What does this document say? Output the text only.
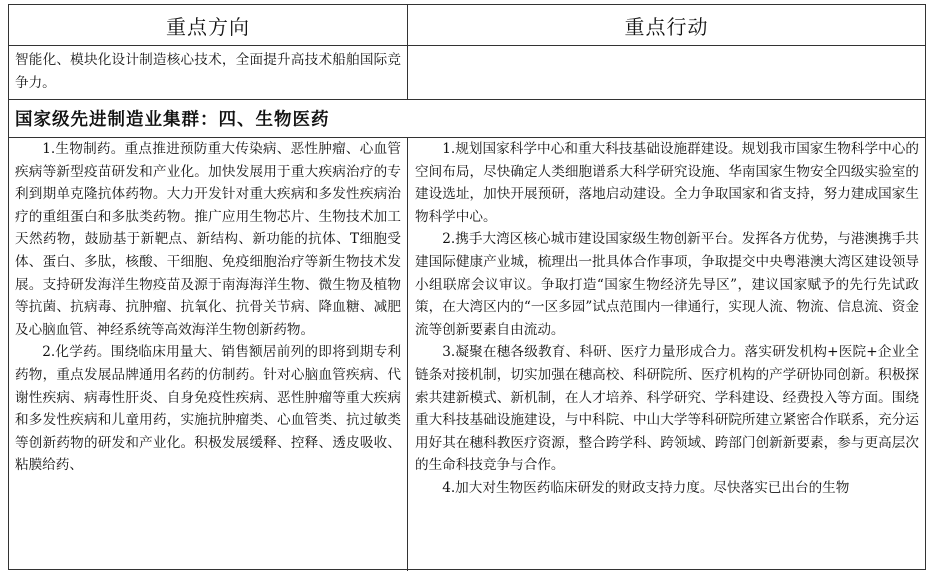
重点方向	重点行动

智能化、模块化设计制造核心技术，全面提升高技术船舶国际竞争力。

国家级先进制造业集群：四、生物医药

1.生物制药。重点推进预防重大传染病、恶性肿瘤、心血管疾病等新型疫苗研发和产业化。加快发展用于重大疾病治疗的专利到期单克隆抗体药物。大力开发针对重大疾病和多发性疾病治疗的重组蛋白和多肽类药物。推广应用生物芯片、生物技术加工天然药物，鼓励基于新靶点、新结构、新功能的抗体、T细胞受体、蛋白、多肽，核酸、干细胞、免疫细胞治疗等新生物技术发展。支持研发海洋生物疫苗及源于南海海洋生物、微生物及植物等抗菌、抗病毒、抗肿瘤、抗氧化、抗骨关节病、降血糖、减肥及心脑血管、神经系统等高效海洋生物创新药物。

2.化学药。围绕临床用量大、销售额居前列的即将到期专利药物，重点发展品牌通用名药的仿制药。针对心脑血管疾病、代谢性疾病、病毒性肝炎、自身免疫性疾病、恶性肿瘤等重大疾病和多发性疾病和儿童用药，实施抗肿瘤类、心血管类、抗过敏类等创新药物的研发和产业化。积极发展缓释、控释、透皮吸收、粘膜给药、

1.规划国家科学中心和重大科技基础设施群建设。规划我市国家生物科学中心的空间布局，尽快确定人类细胞谱系大科学研究设施、华南国家生物安全四级实验室的建设选址，加快开展预研，落地启动建设。全力争取国家和省支持，努力建成国家生物科学中心。

2.携手大湾区核心城市建设国家级生物创新平台。发挥各方优势，与港澳携手共建国际健康产业城，梳理出一批具体合作事项，争取提交中央粤港澳大湾区建设领导小组联席会议审议。争取打造“国家生物经济先导区”，建议国家赋予的先行先试政策，在大湾区内的“一区多园”试点范围内一律通行，实现人流、物流、信息流、资金流等创新要素自由流动。

3.凝聚在穗各级教育、科研、医疗力量形成合力。落实研发机构+医院+企业全链条对接机制，切实加强在穗高校、科研院所、医疗机构的产学研协同创新。积极探索共建新模式、新机制，在人才培养、科学研究、学科建设、经费投入等方面。围绕重大科技基础设施建设，与中科院、中山大学等科研院所建立紧密合作联系，充分运用好其在穗科教医疗资源，整合跨学科、跨领域、跨部门创新新要素，参与更高层次的生命科技竞争与合作。

4.加大对生物医药临床研发的财政支持力度。尽快落实已出台的生物
